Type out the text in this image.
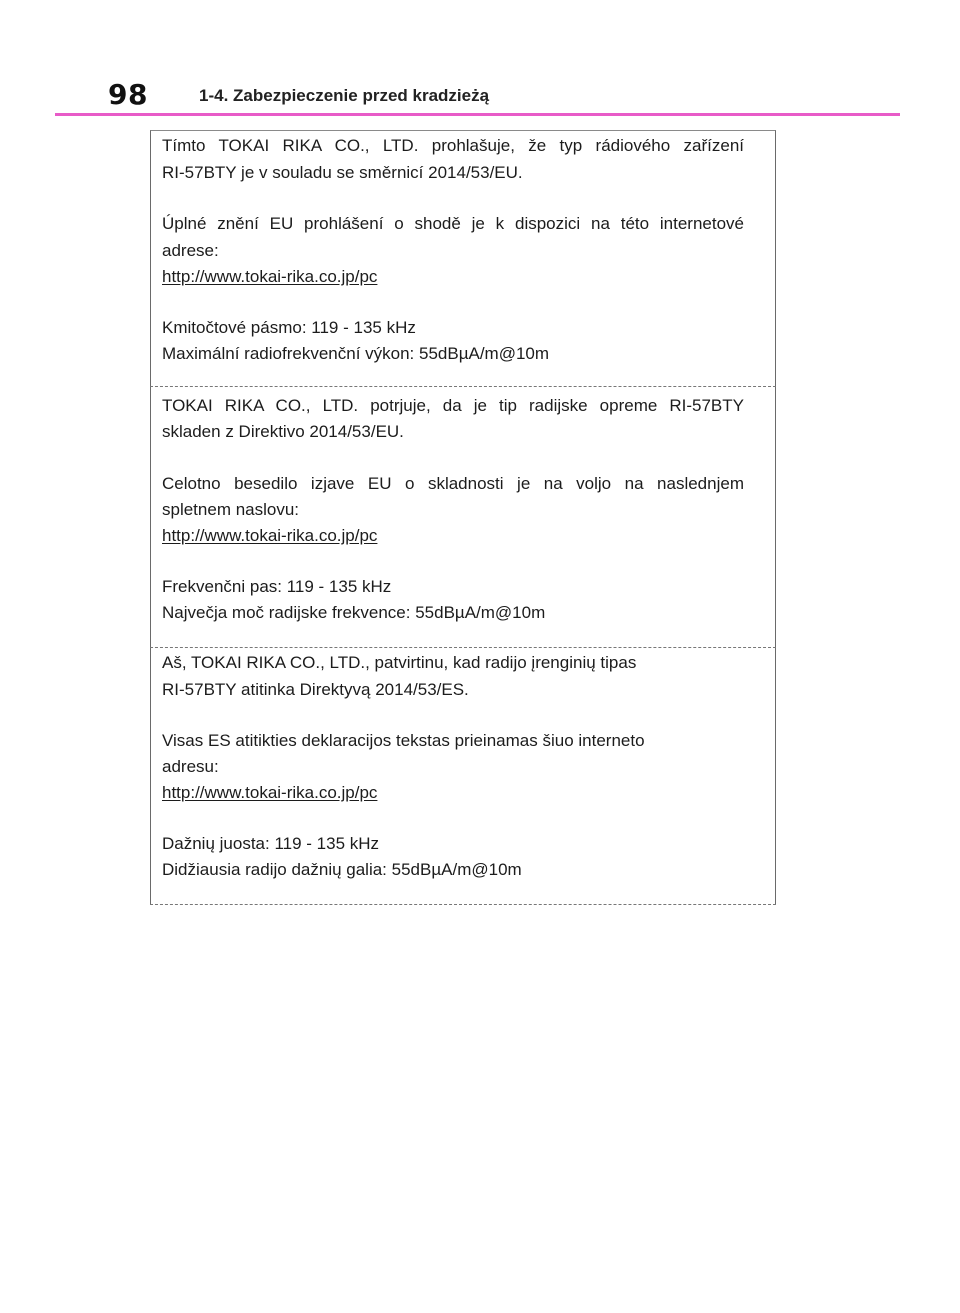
98	1-4. Zabezpieczenie przed kradzieżą
Tímto TOKAI RIKA CO., LTD. prohlašuje, že typ rádiového zařízení
RI-57BTY je v souladu se směrnicí 2014/53/EU.
Úplné znění EU prohlášení o shodě je k dispozici na této internetové
adrese:
http://www.tokai-rika.co.jp/pc
Kmitočtové pásmo: 119 - 135 kHz
Maximální radiofrekvenční výkon: 55dBµA/m@10m
TOKAI RIKA CO., LTD. potrjuje, da je tip radijske opreme RI-57BTY
skladen z Direktivo 2014/53/EU.
Celotno besedilo izjave EU o skladnosti je na voljo na naslednjem
spletnem naslovu:
http://www.tokai-rika.co.jp/pc
Frekvenčni pas: 119 - 135 kHz
Največja moč radijske frekvence: 55dBµA/m@10m
Aš, TOKAI RIKA CO., LTD., patvirtinu, kad radijo įrenginių tipas
RI-57BTY atitinka Direktyvą 2014/53/ES.
Visas ES atitikties deklaracijos tekstas prieinamas šiuo interneto
adresu:
http://www.tokai-rika.co.jp/pc
Dažnių juosta: 119 - 135 kHz
Didžiausia radijo dažnių galia: 55dBµA/m@10m
